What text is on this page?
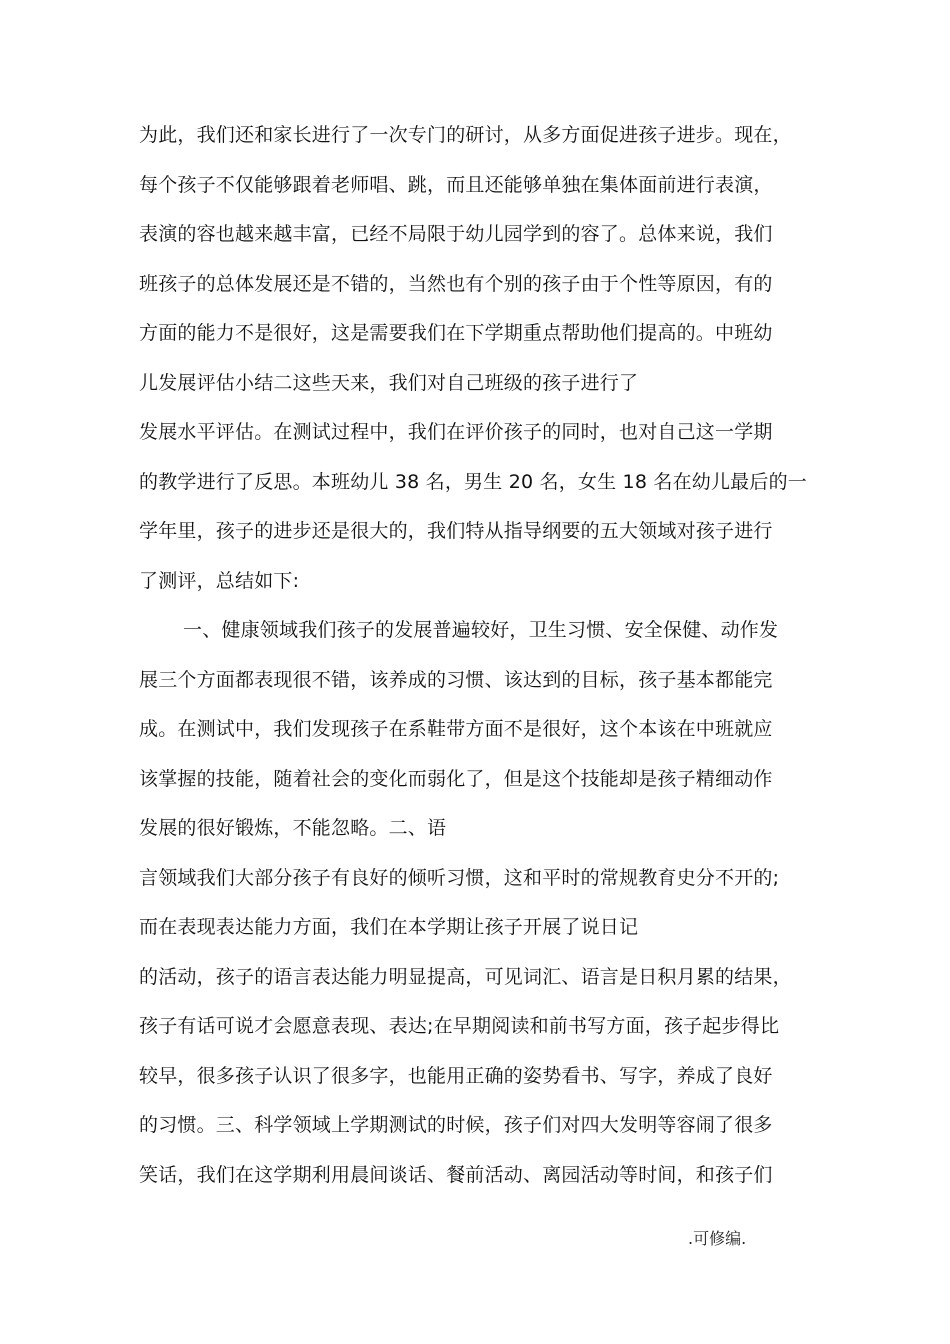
为此，我们还和家长进行了一次专门的研讨，从多方面促进孩子进步。现在，
每个孩子不仅能够跟着老师唱、跳，而且还能够单独在集体面前进行表演，
表演的容也越来越丰富，已经不局限于幼儿园学到的容了。总体来说，我们
班孩子的总体发展还是不错的，当然也有个别的孩子由于个性等原因，有的
方面的能力不是很好，这是需要我们在下学期重点帮助他们提高的。中班幼
儿发展评估小结二这些天来，我们对自己班级的孩子进行了
发展水平评估。在测试过程中，我们在评价孩子的同时，也对自己这一学期
的教学进行了反思。本班幼儿 38 名，男生 20 名，女生 18 名在幼儿最后的一
学年里，孩子的进步还是很大的，我们特从指导纲要的五大领域对孩子进行
了测评，总结如下:
一、健康领域我们孩子的发展普遍较好，卫生习惯、安全保健、动作发
展三个方面都表现很不错，该养成的习惯、该达到的目标，孩子基本都能完
成。在测试中，我们发现孩子在系鞋带方面不是很好，这个本该在中班就应
该掌握的技能，随着社会的变化而弱化了，但是这个技能却是孩子精细动作
发展的很好锻炼，不能忽略。二、语
言领域我们大部分孩子有良好的倾听习惯，这和平时的常规教育史分不开的;
而在表现表达能力方面，我们在本学期让孩子开展了说日记
的活动，孩子的语言表达能力明显提高，可见词汇、语言是日积月累的结果，
孩子有话可说才会愿意表现、表达;在早期阅读和前书写方面，孩子起步得比
较早，很多孩子认识了很多字，也能用正确的姿势看书、写字，养成了良好
的习惯。三、科学领域上学期测试的时候，孩子们对四大发明等容闹了很多
笑话，我们在这学期利用晨间谈话、餐前活动、离园活动等时间，和孩子们
.可修编.
